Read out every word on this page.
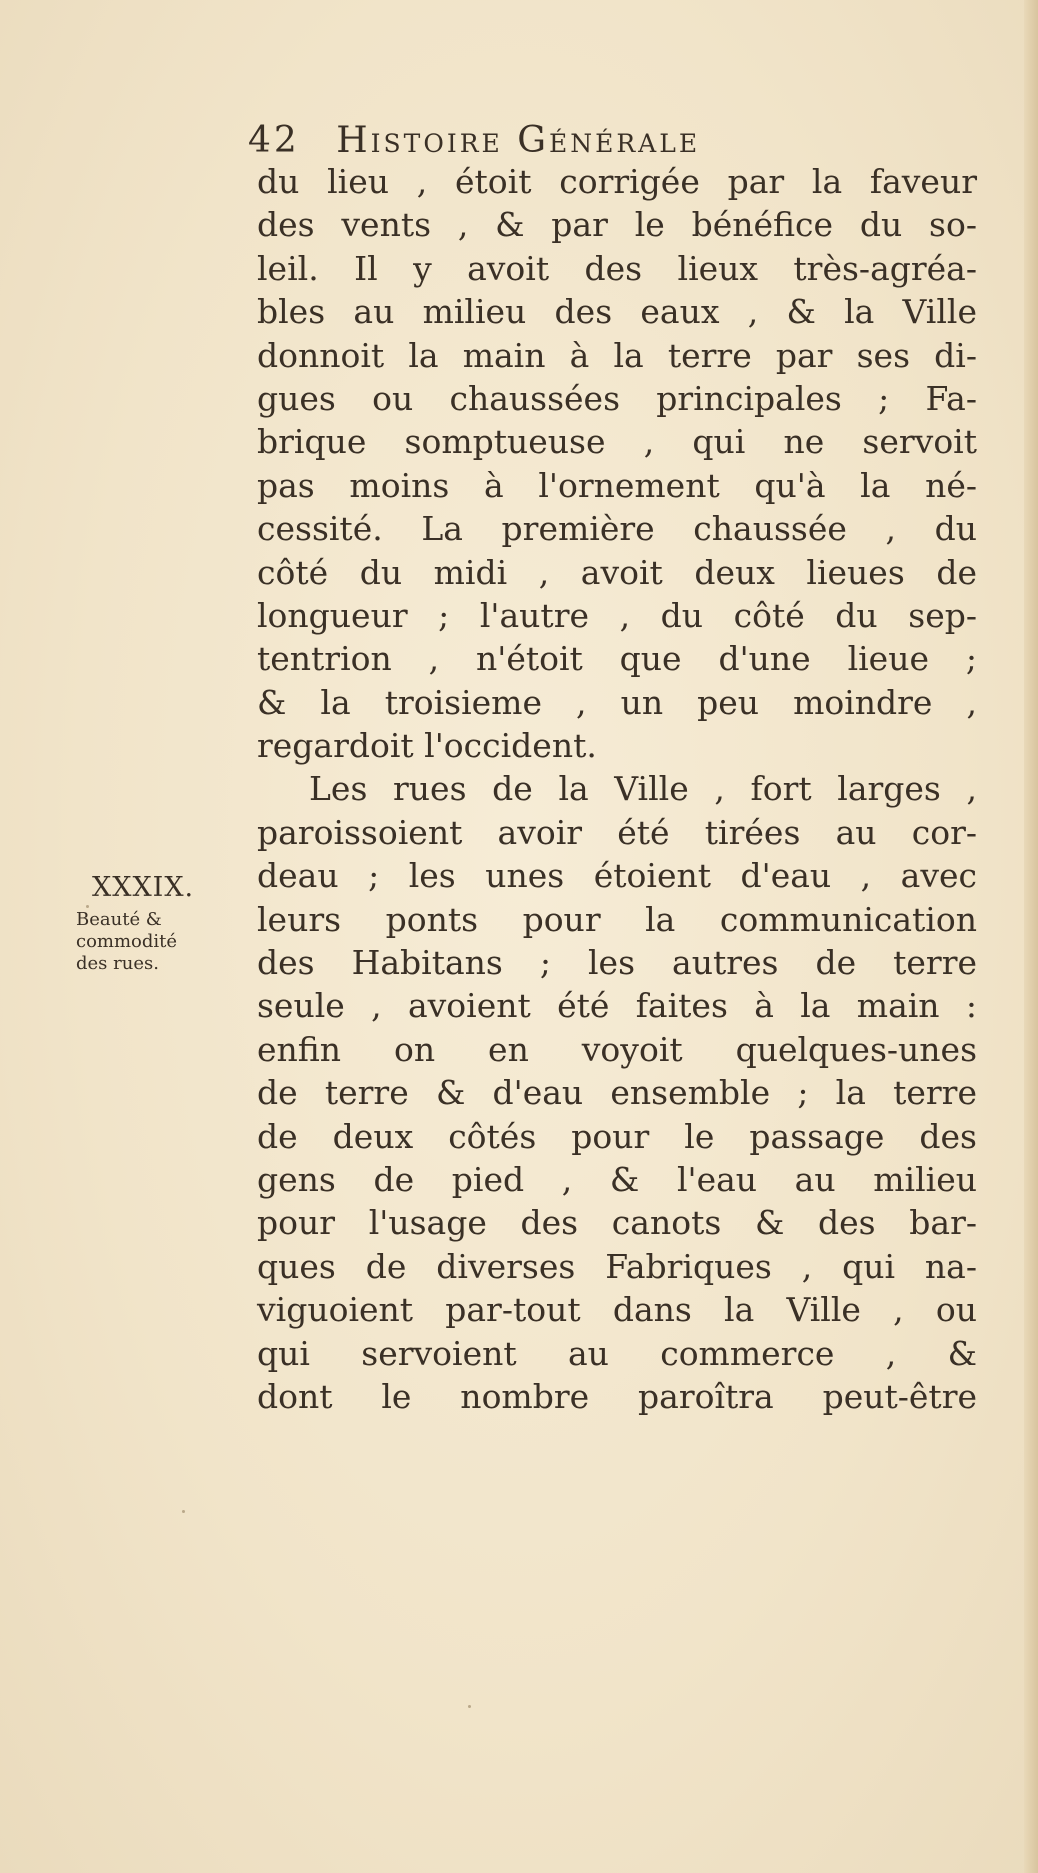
42 Histoire Générale
XXXIX.
Beauté &
commodité
des rues.
du lieu , étoit corrigée par la faveur
des vents , & par le bénéfice du so-
leil. Il y avoit des lieux très-agréa-
bles au milieu des eaux , & la Ville
donnoit la main à la terre par ses di-
gues ou chaussées principales ; Fa-
brique somptueuse , qui ne servoit
pas moins à l'ornement qu'à la né-
cessité. La première chaussée , du
côté du midi , avoit deux lieues de
longueur ; l'autre , du côté du sep-
tentrion , n'étoit que d'une lieue ;
& la troisieme , un peu moindre ,
regardoit l'occident.
Les rues de la Ville , fort larges ,
paroissoient avoir été tirées au cor-
deau ; les unes étoient d'eau , avec
leurs ponts pour la communication
des Habitans ; les autres de terre
seule , avoient été faites à la main :
enfin on en voyoit quelques-unes
de terre & d'eau ensemble ; la terre
de deux côtés pour le passage des
gens de pied , & l'eau au milieu
pour l'usage des canots & des bar-
ques de diverses Fabriques , qui na-
viguoient par-tout dans la Ville , ou
qui servoient au commerce , &
dont le nombre paroîtra peut-être
